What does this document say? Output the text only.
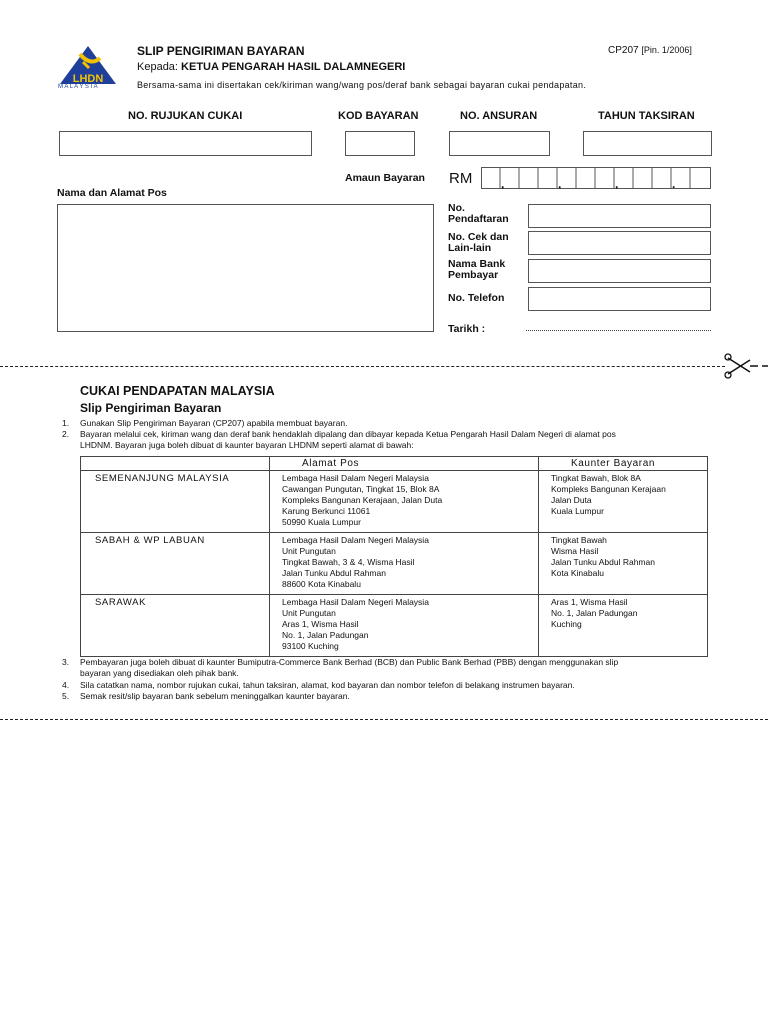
LHDN
M A L A Y S I A
SLIP PENGIRIMAN BAYARAN	CP207 [Pin. 1/2006]
Kepada: KETUA PENGARAH HASIL DALAMNEGERI
Bersama-sama ini disertakan cek/kiriman wang/wang pos/deraf bank sebagai bayaran cukai pendapatan.
NO. RUJUKAN CUKAI	KOD BAYARAN	NO. ANSURAN	TAHUN TAKSIRAN
Amaun Bayaran RM ,	,	,	.
Nama dan Alamat Pos
No.
Pendaftaran
No. Cek dan
Lain-lain
Nama Bank
Pembayar
No. Telefon
Tarikh :
CUKAI PENDAPATAN MALAYSIA
Slip Pengiriman Bayaran
1. Gunakan Slip Pengiriman Bayaran (CP207) apabila membuat bayaran.
2. Bayaran melalui cek, kiriman wang dan deraf bank hendaklah dipalang dan dibayar kepada Ketua Pengarah Hasil Dalam Negeri di alamat pos
LHDNM. Bayaran juga boleh dibuat di kaunter bayaran LHDNM seperti alamat di bawah:
	Alamat Pos	Kaunter Bayaran
SEMENANJUNG MALAYSIA	Lembaga Hasil Dalam Negeri Malaysia
Cawangan Pungutan, Tingkat 15, Blok 8A
Kompleks Bangunan Kerajaan, Jalan Duta
Karung Berkunci 11061
50990 Kuala Lumpur	Tingkat Bawah, Blok 8A
Kompleks Bangunan Kerajaan
Jalan Duta
Kuala Lumpur

SABAH & WP LABUAN	Lembaga Hasil Dalam Negeri Malaysia
Unit Pungutan
Tingkat Bawah, 3 & 4, Wisma Hasil
Jalan Tunku Abdul Rahman
88600 Kota Kinabalu	Tingkat Bawah
Wisma Hasil
Jalan Tunku Abdul Rahman
Kota Kinabalu

SARAWAK	Lembaga Hasil Dalam Negeri Malaysia
Unit Pungutan
Aras 1, Wisma Hasil
No. 1, Jalan Padungan
93100 Kuching	Aras 1, Wisma Hasil
No. 1, Jalan Padungan
Kuching
3. Pembayaran juga boleh dibuat di kaunter Bumiputra-Commerce Bank Berhad (BCB) dan Public Bank Berhad (PBB) dengan menggunakan slip
bayaran yang disediakan oleh pihak bank.
4. Sila catatkan nama, nombor rujukan cukai, tahun taksiran, alamat, kod bayaran dan nombor telefon di belakang instrumen bayaran.
5. Semak resit/slip bayaran bank sebelum meninggalkan kaunter bayaran.
